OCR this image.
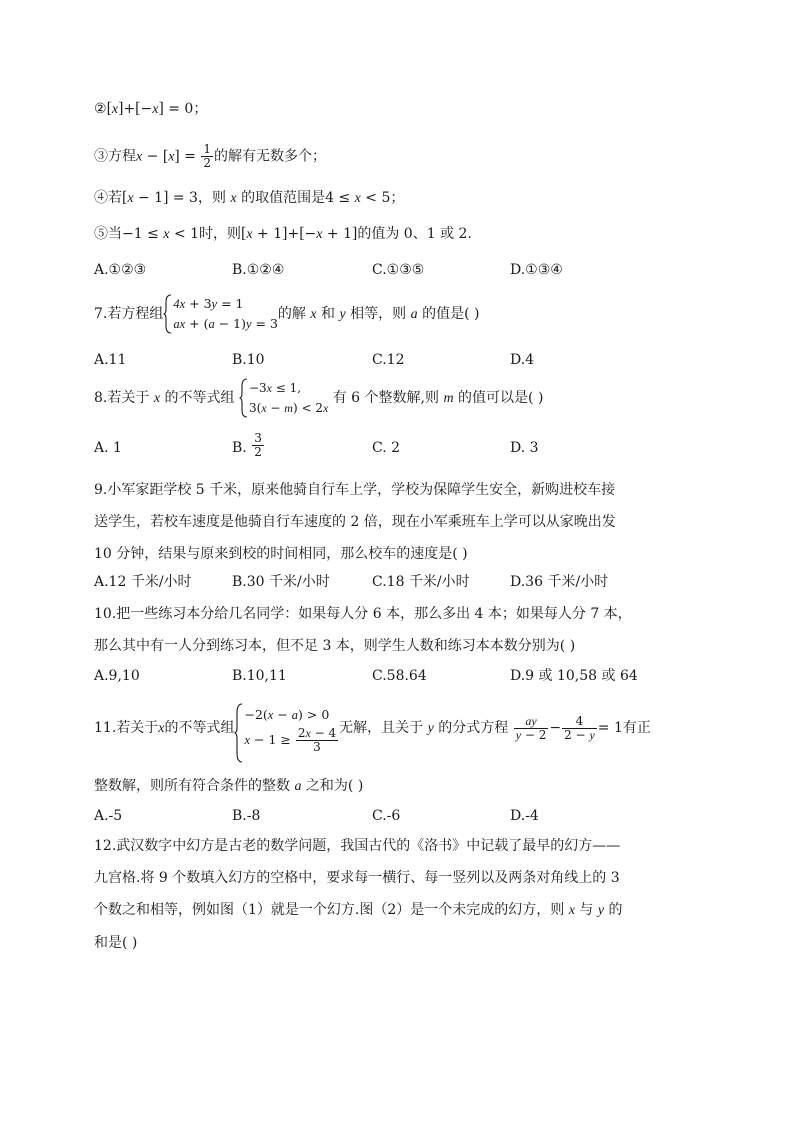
②[x]+[−x] = 0；
③方程$x - [x] = \frac{1}{2}$ 的解有无数多个；
④若[x − 1] = 3，则 x 的取值范围是4 ≤ x < 5；
⑤当−1 ≤ x < 1时，则[x + 1]+[−x + 1]的值为 0、1 或 2.
A.①②③	B.①②④	C.①③⑤	D.①③④
7.若方程组
4x + 3y = 1
ax + (a − 1)y = 3
的解 x 和 y 相等，则 a 的值是( )
A.11	B.10	C.12	D.4
8.若关于 x 的不等式组
−3x ≤ 1,
3(x − m) < 2x
有 6 个整数解,则 m 的值可以是( )
A. 1	B. $\frac{3}{2}$	C. 2	D. 3
9.小军家距学校 5 千米，原来他骑自行车上学，学校为保障学生安全，新购进校车接
送学生，若校车速度是他骑自行车速度的 2 倍，现在小军乘班车上学可以从家晚出发
10 分钟，结果与原来到校的时间相同，那么校车的速度是( )
A.12 千米/小时	B.30 千米/小时	C.18 千米/小时	D.36 千米/小时
10.把一些练习本分给几名同学：如果每人分 6 本，那么多出 4 本；如果每人分 7 本，
那么其中有一人分到练习本，但不足 3 本，则学生人数和练习本本数分别为( )
A.9,10	B.10,11	C.58.64	D.9 或 10,58 或 64
11.若关于x的不等式组
−2(x − a) > 0
$x - 1 \ge \frac{2x - 4}{3}$ 无解，且关于 y 的分式方程 $\frac{ay}{y - 2} - \frac{4}{2 - y} = 1$有正
整数解，则所有符合条件的整数 a 之和为( )
A.-5	B.-8	C.-6	D.-4
12.武汉数字中幻方是古老的数学问题，我国古代的《洛书》中记载了最早的幻方——
九宫格.将 9 个数填入幻方的空格中，要求每一横行、每一竖列以及两条对角线上的 3
个数之和相等，例如图（1）就是一个幻方.图（2）是一个未完成的幻方，则 x 与 y 的
和是( )
